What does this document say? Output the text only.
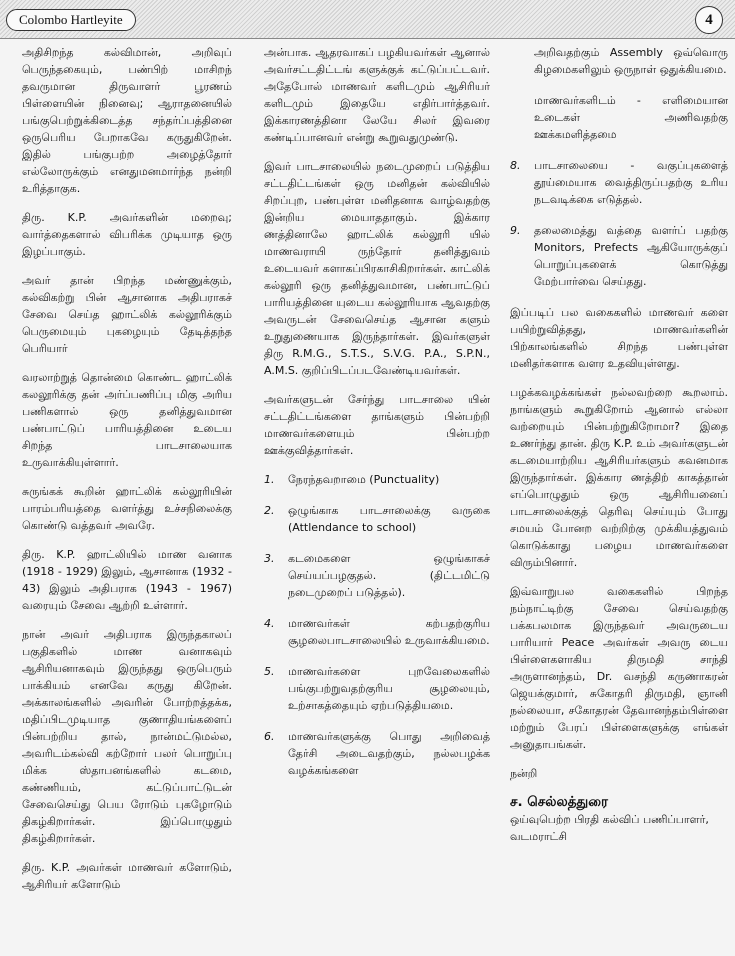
Colombo Hartleyite	4

அதிசிறந்த கல்விமான், அறிவுப் பெருந்தகையும், பண்பிற் மாசிறந் தவருமான திருவாளர் பூரணம் பிள்ளையின் நினைவு; ஆராதனையில் பங்குபெற்றுக்கிடைத்த சந்தர்ப்பத்தினை ஒருபெரிய பேறாகவே கருதுகிறேன். இதில் பங்குபற்ற அழைத்தோர் எல்லோருக்கும் எனதுமனமார்ந்த நன்றி உரித்தாகுக.

திரு. K.P. அவர்களின் மறைவு; வார்த்தைகளால் விபரிக்க முடியாத ஒரு இழப்பாகும்.

அவர் தான் பிறந்த மண்ணுக்கும், கல்விகற்று பின் ஆசானாக அதிபராகச் சேவை செய்த ஹாட்லிக் கல்லூரிக்கும் பெருமையும் புகழையும் தேடித்தந்த பெரியார்

வரலாற்றுத் தொன்மை கொண்ட ஹாட்லிக் கலலூரிக்கு தன் அர்ப்பணிப்பு மிகு அரிய பணிகளால் ஒரு தனித்துவமான பண்பாட்டுப் பாரியத்தினை உடைய சிறந்த பாடசாலையாக உருவாக்கியுள்ளார்.

சுருங்கக் கூறின் ஹாட்லிக் கல்லூரியின் பாரம்பரியத்தை வளர்த்து உச்சநிலைக்கு கொண்டு வத்தவர் அவரே.

திரு. K.P. ஹாட்லியில் மாண வனாக (1918 - 1929) இலும், ஆசானாக (1932 - 43) இலும் அதிபராக (1943 - 1967) வரையும் சேவை ஆற்றி உள்ளார்.

நான் அவர் அதிபராக இருந்தகாலப் பகுதிகளில் மாண வனாகவும் ஆசிரியனாகவும் இருந்தது ஒருபெரும் பாக்கியம் எனவே கருது கிறேன். அக்காலங்களில் அவரின் போற்றத்தக்க, மதிப்பிடமுடியாத குணாதியங்களைப் பின்பற்றிய தால், நான்மட்டுமல்ல, அவரிடம்கல்வி கற்றோர் பலர் பொறுப்பு மிக்க ஸ்தாபனங்களில் கடமை, கண்ணியம், கட்டுப்பாட்டுடன் சேவைசெய்து பெய ரோடும் புகழோடும் திகழ்கிறார்கள். இப்பொழுதும் திகழ்கிறார்கள்.

திரு. K.P. அவர்கள் மாணவர் களோடும், ஆசிரியர் களோடும்

அன்பாக. ஆதரவாகப் பழகியவர்கள் ஆனால் அவர்சட்டதிட்டங் களுக்குக் கட்டுப்பட்டவர். அதேபோல் மாணவர் களிடமும் ஆசிரியர் களிடமும் இதையே எதிர்பார்த்தவர். இக்காரணத்தினா லேயே சிலர் இவரை கண்டிப்பானவர் என்று கூறுவதுமுண்டு.

இவர் பாடசாலையில் நடைமுறைப் படுத்திய சட்டதிட்டங்கள் ஒரு மனிதன் கல்வியில் சிறப்புற, பண்புள்ள மனிதனாக வாழ்வதற்கு இன்றிய மையாததாகும். இக்கார ணத்தினாலே ஹாட்லிக் கல்லூரி யில் மாணவராயி ருந்தோர் தனித்துவம் உடையவர் களாகப்பிரகாசிகிறார்கள். காட்லிக் கல்லூரி ஒரு தனித்துவமான, பண்பாட்டுப் பாரியத்தினை யுடைய கல்லூரியாக ஆவதற்கு அவருடன் சேவைசெய்த ஆசான களும் உறுதுணையாக இருந்தார்கள். இவர்களுள் திரு R.M.G., S.T.S., S.V.G. P.A., S.P.N., A.M.S. குறிப்பிடப்படவேண்டியவர்கள்.

அவர்களுடன் சேர்ந்து பாடசாலை யின் சட்டதிட்டங்களை தாங்களும் பின்பற்றி மாணவர்களையும் பின்பற்ற ஊக்குவித்தார்கள்.

1.	நேரந்தவறாமை (Punctuality)
2.	ஒழுங்காக பாடசாலைக்கு வருகை (Attlendance to school)
3.	கடமைகளை ஒழுங்காகச் செய்யப்பழகுதல். (திட்டமிட்டு நடைமுறைப் படுத்தல்).
4.	மாணவர்கள் கற்பதற்குரிய சூழலைபாடசாலையில் உருவாக்கியமை.
5.	மாணவர்களை புறவேலைகளில் பங்குபற்றுவதற்குரிய சூழலையும், உற்சாகத்தையும் ஏற்படுத்தியமை.
6.	மாணவர்களுக்கு பொது அறிவைத் தேர்சி அடைவதற்கும், நல்லபழக்க வழக்கங்களை
அறிவதற்கும் Assembly ஒவ்வொரு கிழமைகளிலும் ஒருநாள் ஒதுக்கியமை.
மாணவர்களிடம் - எளிமையான உடைகள் அணிவதற்கு ஊக்கமளித்தமை
8.	பாடசாலையை - வகுப்புகளைத் தூய்மையாக வைத்திருப்பதற்கு உரிய நடவடிக்கை எடுத்தல்.
9.	தலைமைத்து வத்தை வளர்ப் பதற்கு Monitors, Prefects ஆகியோருக்குப் பொறுப்புகளைக் கொடுத்து மேற்பார்வை செய்தது.

இப்படிப் பல வகைகளில் மாணவர் களை பயிற்றுவித்தது, மாணவர்களின் பிற்காலங்களில் சிறந்த பண்புள்ள மனிதர்களாக வளர உதவியுள்ளது.

பழக்கவழக்கங்கள் நல்லவற்றை கூறலாம். நாங்களும் கூறுகிறோம் ஆனால் எல்லா வற்றையும் பின்பற்றுகிறோமா? இதை உணர்ந்து தான். திரு K.P. உம் அவர்களுடன் கடமையாற்றிய ஆசிரியர்களும் கவனமாக இருந்தார்கள். இக்கார ணத்திற் காகத்தான் எப்பொழுதும் ஒரு ஆசிரியனைப் பாடசாலைக்குத் தெரிவு செய்யும் போது சமயம் போனற வற்றிற்கு முக்கியத்துவம் கொடுக்காது பழைய மாணவர்களை விரும்பினார்.

இவ்வாறுபல வகைகளில் பிறந்த நம்நாட்டிற்கு சேவை செய்வதற்கு பக்கபலமாக இருந்தவர் அவருடைய பாரியார் Peace அவர்கள் அவரு டைய பிள்ளைகளாகிய திருமதி சாந்தி அருளானந்தம், Dr. வசந்தி கருணாகரன் ஜெயக்குமார், சுகோதரி திருமதி, ஞானி நல்லையா, சகோதரன் தேவானந்தம்பிள்ளை மற்றும் பேரப் பிள்ளைகளுக்கு எங்கள் அனுதாபங்கள்.

நன்றி

ச. செல்லத்துரை

ஒய்வுபெற்ற பிரதி கல்விப் பணிப்பாளர்,

வடமராட்சி
